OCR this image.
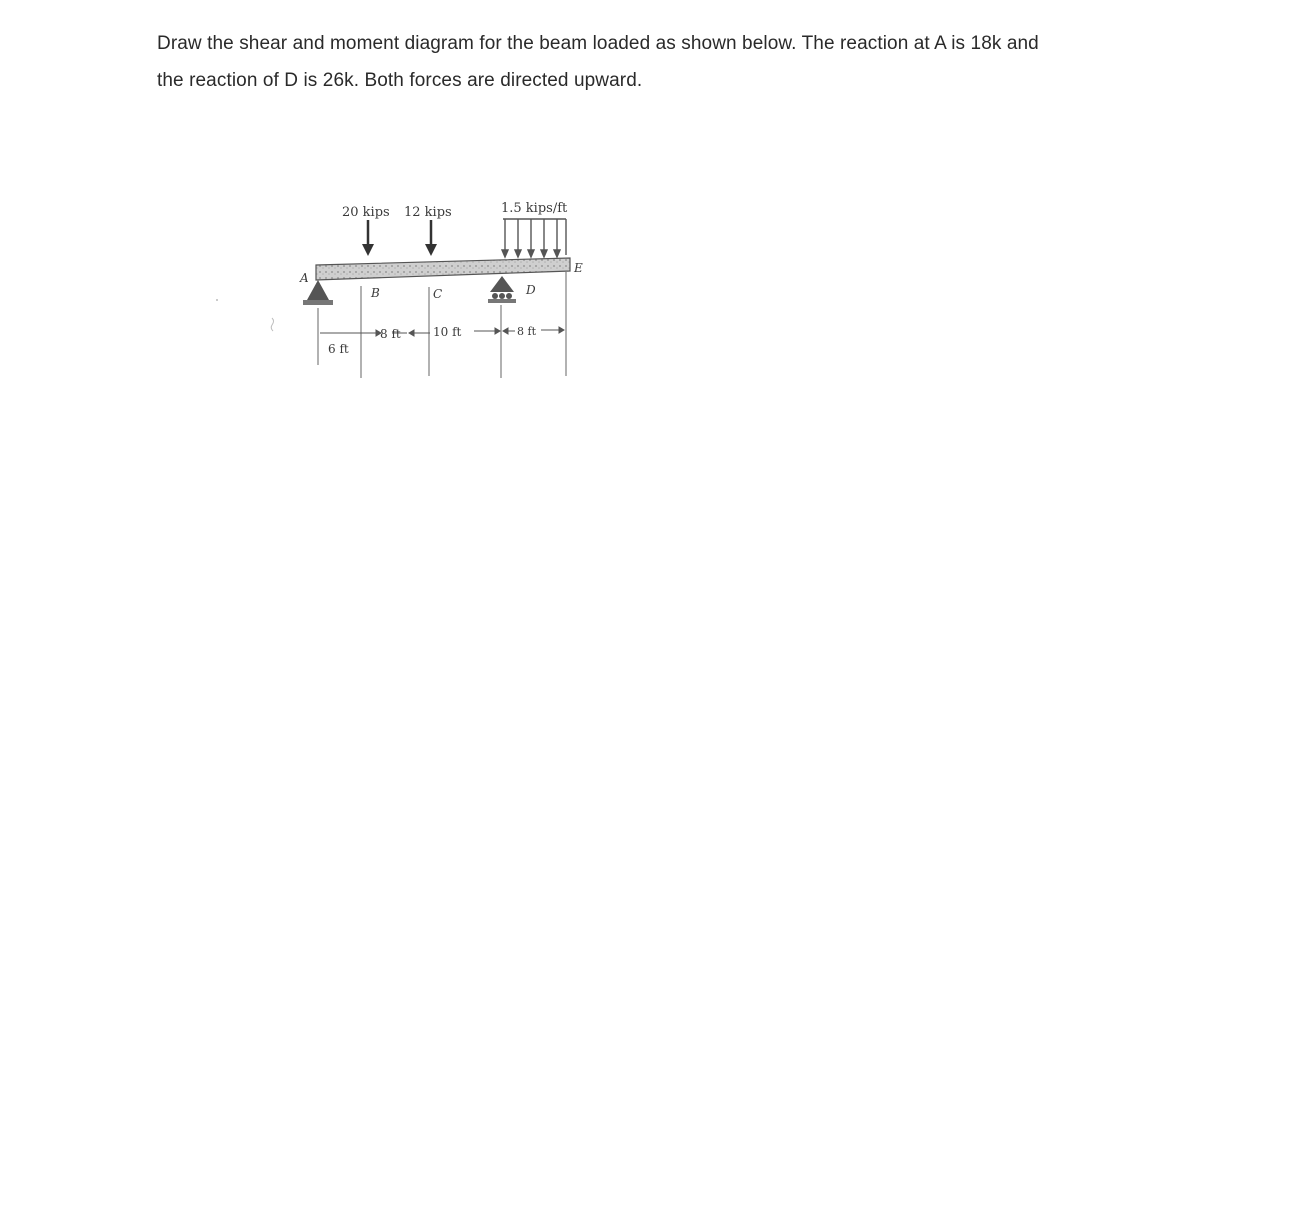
Draw the shear and moment diagram for the beam loaded as shown below. The reaction at A is 18k and
the reaction of D is 26k. Both forces are directed upward.
20 kips 12 kips	1.5 kips/ft
A
B	C	D
E
8 ft	10 ft	8 ft
6 ft
